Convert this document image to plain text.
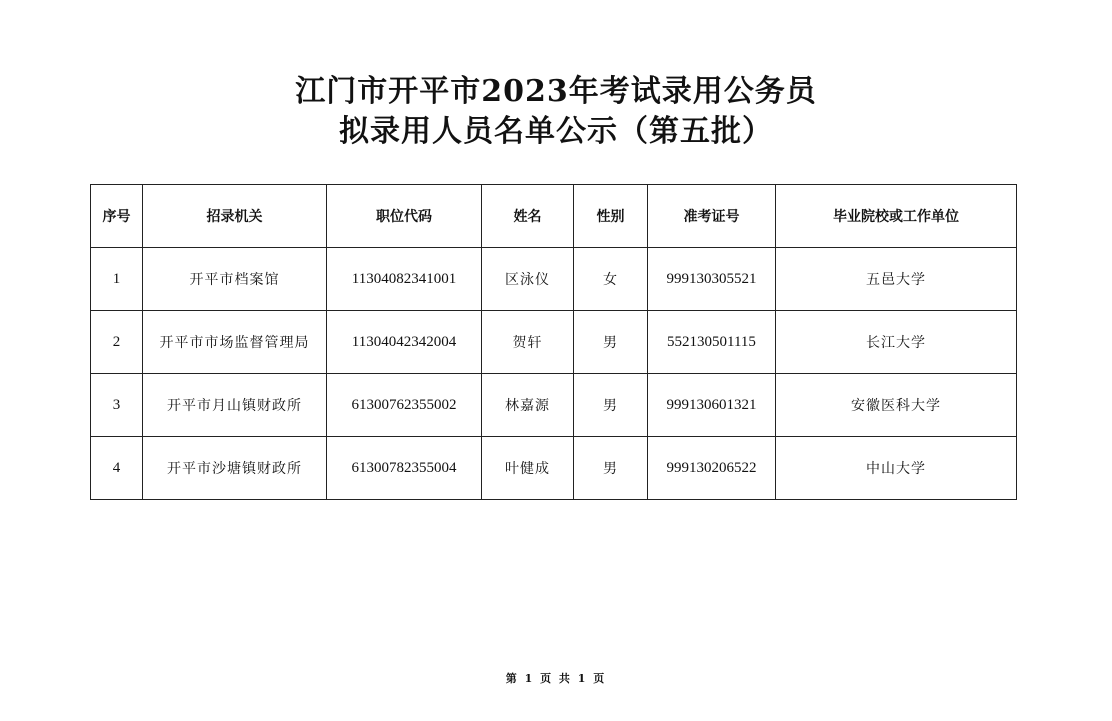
江门市开平市2023年考试录用公务员
拟录用人员名单公示（第五批）
序号	招录机关	职位代码	姓名	性别	准考证号	毕业院校或工作单位
1	开平市档案馆	11304082341001	区泳仪	女	999130305521	五邑大学
2	开平市市场监督管理局	11304042342004	贺轩	男	552130501115	长江大学
3	开平市月山镇财政所	61300762355002	林嘉源	男	999130601321	安徽医科大学
4	开平市沙塘镇财政所	61300782355004	叶健成	男	999130206522	中山大学
第 1 页 共 1 页
